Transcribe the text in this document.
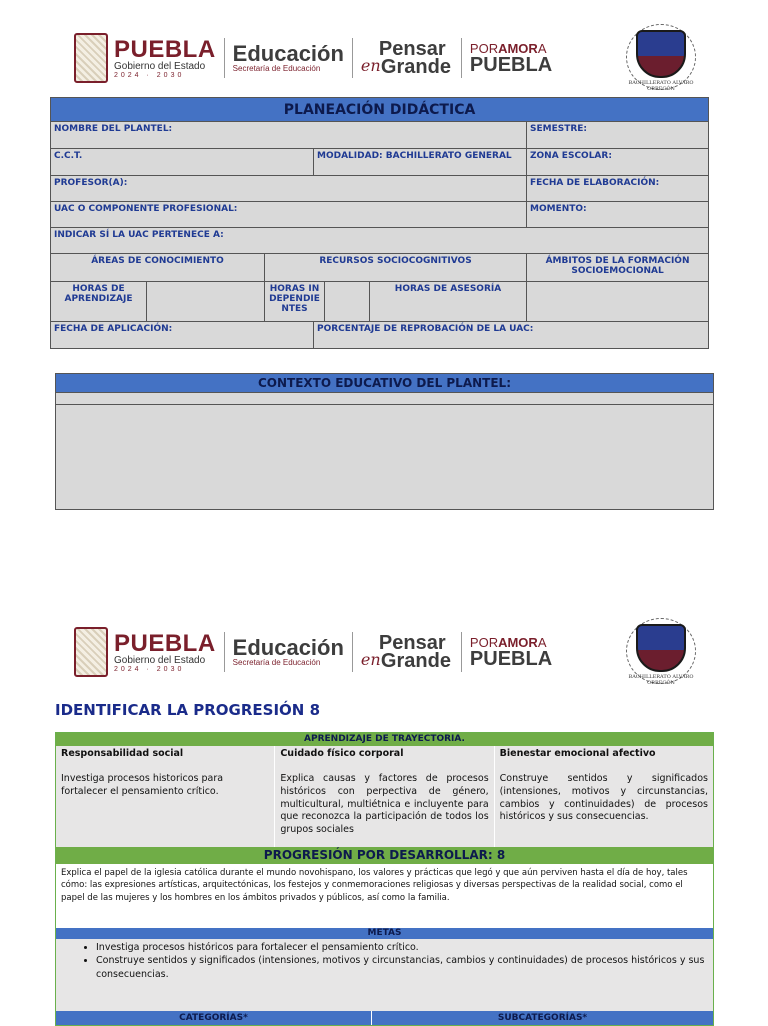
PUEBLA
Gobierno del Estado
2024 · 2030
Educación
Secretaría de Educación
Pensar
en Grande
PORAMORA
PUEBLA
BACHILLERATO ALVARO OBREGÓN
PLANEACIÓN DIDÁCTICA						
NOMBRE DEL PLANTEL:						SEMESTRE:
C.C.T.			MODALIDAD: BACHILLERATO GENERAL			ZONA ESCOLAR:
PROFESOR(A):						FECHA DE ELABORACIÓN:
UAC O COMPONENTE PROFESIONAL:						MOMENTO:
INDICAR SÍ LA UAC PERTENECE A:						
ÁREAS DE CONOCIMIENTO		RECURSOS SOCIOCOGNITIVOS				ÁMBITOS DE LA FORMACIÓN SOCIOEMOCIONAL
HORAS DE APRENDIZAJE		HORAS INDEPENDIENTES			HORAS DE ASESORÍA	
FECHA DE APLICACIÓN:			PORCENTAJE DE REPROBACIÓN DE LA UAC:			
CONTEXTO EDUCATIVO DEL PLANTEL:
PUEBLA
Gobierno del Estado
2024 · 2030
Educación
Secretaría de Educación
Pensar
en Grande
PORAMORA
PUEBLA
BACHILLERATO ALVARO OBREGÓN
IDENTIFICAR LA PROGRESIÓN 8
APRENDIZAJE DE TRAYECTORIA.
Responsabilidad social
Investiga procesos historicos para fortalecer el pensamiento crítico.
Cuidado físico corporal
Explica causas y factores de procesos históricos con perpectiva de género, multicultural, multiétnica e incluyente para que reconozca la participación de todos los grupos sociales
Bienestar emocional afectivo
Construye sentidos y significados (intensiones, motivos y circunstancias, cambios y continuidades) de procesos históricos y sus consecuencias.
PROGRESIÓN POR DESARROLLAR: 8
Explica el papel de la iglesia católica durante el mundo novohispano, los valores y prácticas que legó y que aún perviven hasta el día de hoy, tales cómo: las expresiones artísticas, arquitectónicas, los festejos y conmemoraciones religiosas y diversas perspectivas de la realidad social, como el papel de las mujeres y los hombres en los ámbitos privados y públicos, así como la familia.
METAS
• Investiga procesos históricos para fortalecer el pensamiento crítico.
• Construye sentidos y significados (intensiones, motivos y circunstancias, cambios y continuidades) de procesos históricos y sus consecuencias.
CATEGORÍAS*	SUBCATEGORÍAS*
